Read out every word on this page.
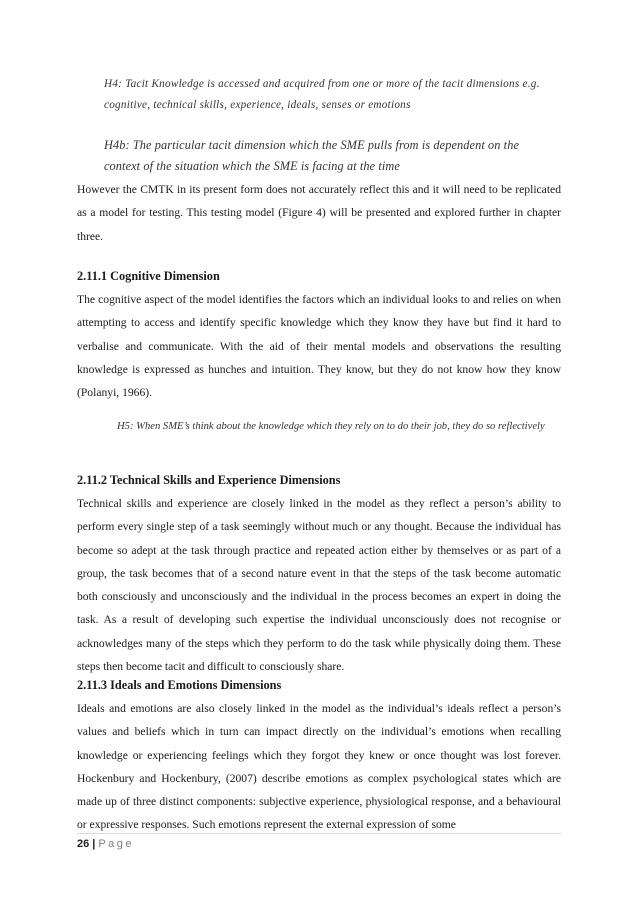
H4: Tacit Knowledge is accessed and acquired from one or more of the tacit dimensions e.g. cognitive, technical skills, experience, ideals, senses or emotions
H4b: The particular tacit dimension which the SME pulls from is dependent on the context of the situation which the SME is facing at the time

However the CMTK in its present form does not accurately reflect this and it will need to be replicated as a model for testing. This testing model (Figure 4) will be presented and explored further in chapter three.

2.11.1 Cognitive Dimension

The cognitive aspect of the model identifies the factors which an individual looks to and relies on when attempting to access and identify specific knowledge which they know they have but find it hard to verbalise and communicate. With the aid of their mental models and observations the resulting knowledge is expressed as hunches and intuition. They know, but they do not know how they know (Polanyi, 1966).

H5: When SME’s think about the knowledge which they rely on to do their job, they do so reflectively
2.11.2 Technical Skills and Experience Dimensions

Technical skills and experience are closely linked in the model as they reflect a person’s ability to perform every single step of a task seemingly without much or any thought. Because the individual has become so adept at the task through practice and repeated action either by themselves or as part of a group, the task becomes that of a second nature event in that the steps of the task become automatic both consciously and unconsciously and the individual in the process becomes an expert in doing the task. As a result of developing such expertise the individual unconsciously does not recognise or acknowledges many of the steps which they perform to do the task while physically doing them. These steps then become tacit and difficult to consciously share.

2.11.3 Ideals and Emotions Dimensions

Ideals and emotions are also closely linked in the model as the individual’s ideals reflect a person’s values and beliefs which in turn can impact directly on the individual’s emotions when recalling knowledge or experiencing feelings which they forgot they knew or once thought was lost forever. Hockenbury and Hockenbury, (2007) describe emotions as complex psychological states which are made up of three distinct components: subjective experience, physiological response, and a behavioural or expressive responses. Such emotions represent the external expression of some

26 | Page
